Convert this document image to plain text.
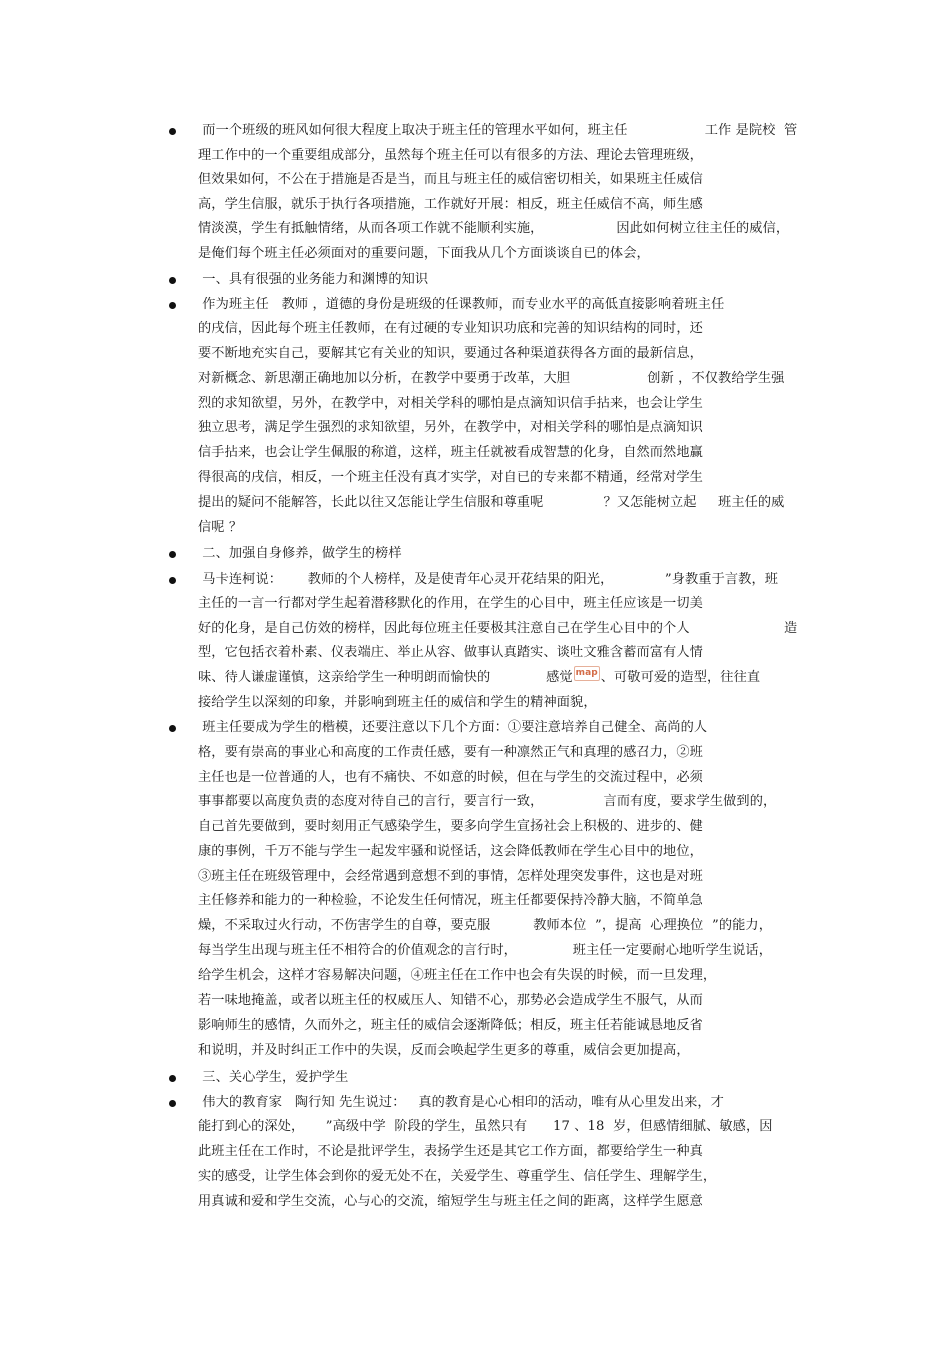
而一个班级的班风如何很大程度上取决于班主任的管理水平如何，班主任                  工作 是院校  管
理工作中的一个重要组成部分，虽然每个班主任可以有很多的方法、理论去管理班级，
但效果如何，不公在于措施是否是当，而且与班主任的威信密切相关，如果班主任威信
高，学生信服，就乐于执行各项措施，工作就好开展：相反，班主任威信不高，师生感
情淡漠，学生有抵触情绪，从而各项工作就不能顺利实施，                 因此如何树立往主任的威信，
是俺们每个班主任必须面对的重要问题，下面我从几个方面谈谈自已的体会，
一、具有很强的业务能力和渊博的知识
作为班主任   教师 ，道德的身份是班级的任课教师，而专业水平的高低直接影响着班主任
的戌信，因此每个班主任教师，在有过硬的专业知识功底和完善的知识结构的同时，还
要不断地充实自己，要解其它有关业的知识，要通过各种渠道获得各方面的最新信息，
对新概念、新思潮正确地加以分析，在教学中要勇于改革，大胆                  创新 ，不仅教给学生强
烈的求知欲望，另外，在教学中，对相关学科的哪怕是点滴知识信手拈来，也会让学生
独立思考，满足学生强烈的求知欲望，另外，在教学中，对相关学科的哪怕是点滴知识
信手拈来，也会让学生佩服的称道，这样，班主任就被看成智慧的化身，自然而然地赢
得很高的戌信，相反，一个班主任没有真才实学，对自已的专来都不精通，经常对学生
提出的疑问不能解答，长此以往又怎能让学生信服和尊重呢              ？又怎能树立起     班主任的威
信呢 ？
二、加强自身修养，做学生的榜样
马卡连柯说：      教师的个人榜样，及是使青年心灵开花结果的阳光，            ”身教重于言教，班
主任的一言一行都对学生起着潜移默化的作用，在学生的心目中，班主任应该是一切美
好的化身，是自己仿效的榜样，因此每位班主任要极其注意自己在学生心目中的个人                      造
型，它包括衣着朴素、仪表端庄、举止从容、做事认真踏实、谈吐文雅含蓄而富有人情
味、待人谦虚谨慎，这亲给学生一种明朗而愉快的             感觉 map 、可敬可爱的造型，往往直
接给学生以深刻的印象，并影响到班主任的威信和学生的精神面貌，
班主任要成为学生的楷模，还要注意以下几个方面：①要注意培养自己健全、高尚的人
格，要有崇高的事业心和高度的工作责任感，要有一种凛然正气和真理的感召力，②班
主任也是一位普通的人，也有不痛快、不如意的时候，但在与学生的交流过程中，必须
事事都要以高度负责的态度对待自己的言行，要言行一致，              言而有度，要求学生做到的，
自己首先要做到，要时刻用正气感染学生，要多向学生宣扬社会上积极的、进步的、健
康的事例，千万不能与学生一起发牢骚和说怪话，这会降低教师在学生心目中的地位，
③班主任在班级管理中，会经常遇到意想不到的事情，怎样处理突发事件，这也是对班
主任修养和能力的一种检验，不论发生任何情况，班主任都要保持冷静大脑，不简单急
燥，不采取过火行动，不伤害学生的自尊，要克服          教师本位  ”，提高  心理换位  ”的能力，
每当学生出现与班主任不相符合的价值观念的言行时，             班主任一定要耐心地听学生说话，
给学生机会，这样才容易解决问题，④班主任在工作中也会有失误的时候，而一旦发理，
若一味地掩盖，或者以班主任的权威压人、知错不心，那势必会造成学生不服气，从而
影响师生的感情，久而外之，班主任的威信会逐渐降低；相反，班主任若能诚恳地反省
和说明，并及时纠正工作中的失误，反而会唤起学生更多的尊重，威信会更加提高，
三、关心学生，爱护学生
伟大的教育家   陶行知 先生说过：   真的教育是心心相印的活动，唯有从心里发出来，才
能打到心的深处，     ”高级中学  阶段的学生，虽然只有      17 、18  岁，但感情细腻、敏感，因
此班主任在工作时，不论是批评学生，表扬学生还是其它工作方面，都要给学生一种真
实的感受，让学生体会到你的爱无处不在，关爱学生、尊重学生、信任学生、理解学生，
用真诚和爱和学生交流，心与心的交流，缩短学生与班主任之间的距离，这样学生愿意
